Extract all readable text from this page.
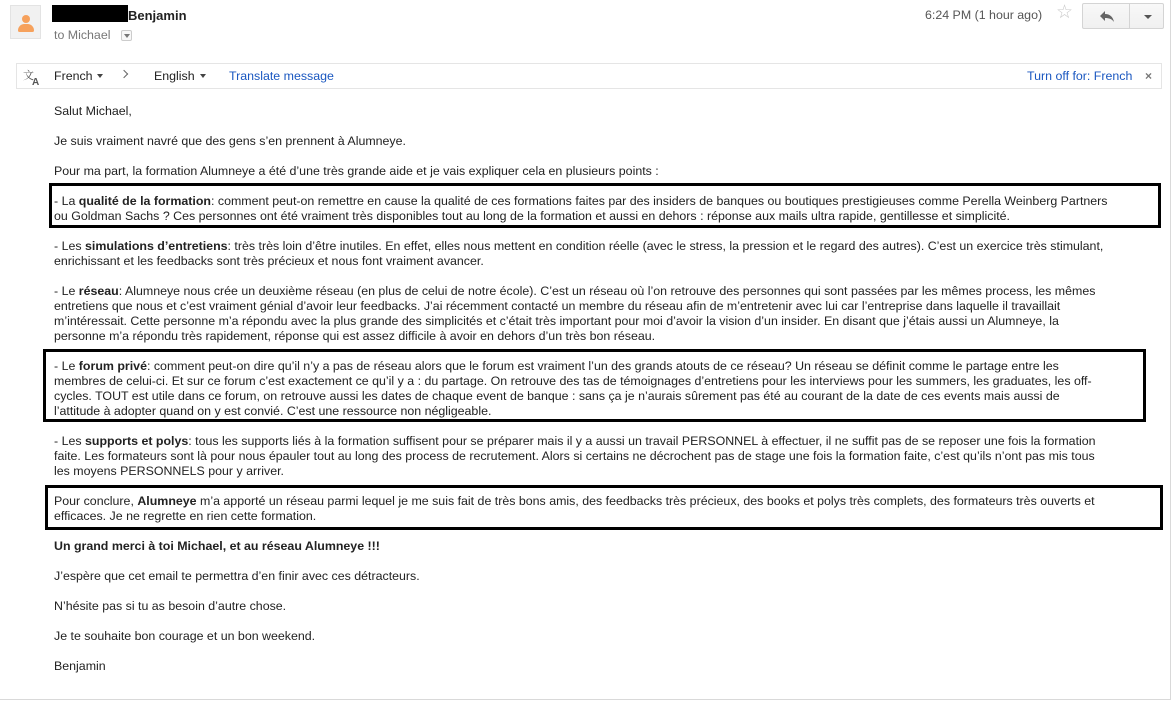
Benjamin
to Michael
6:24 PM (1 hour ago) ☆
文
A French	English	Translate message	Turn off for: French ×
Salut Michael,
Je suis vraiment navré que des gens s’en prennent à Alumneye.
Pour ma part, la formation Alumneye a été d’une très grande aide et je vais expliquer cela en plusieurs points :
- La qualité de la formation: comment peut-on remettre en cause la qualité de ces formations faites par des insiders de banques ou boutiques prestigieuses comme Perella Weinberg Partners
ou Goldman Sachs ? Ces personnes ont été vraiment très disponibles tout au long de la formation et aussi en dehors : réponse aux mails ultra rapide, gentillesse et simplicité.
- Les simulations d’entretiens: très très loin d’être inutiles. En effet, elles nous mettent en condition réelle (avec le stress, la pression et le regard des autres). C’est un exercice très stimulant,
enrichissant et les feedbacks sont très précieux et nous font vraiment avancer.
- Le réseau: Alumneye nous crée un deuxième réseau (en plus de celui de notre école). C’est un réseau où l’on retrouve des personnes qui sont passées par les mêmes process, les mêmes
entretiens que nous et c’est vraiment génial d’avoir leur feedbacks. J’ai récemment contacté un membre du réseau afin de m’entretenir avec lui car l’entreprise dans laquelle il travaillait
m’intéressait. Cette personne m’a répondu avec la plus grande des simplicités et c’était très important pour moi d’avoir la vision d’un insider. En disant que j’étais aussi un Alumneye, la
personne m’a répondu très rapidement, réponse qui est assez difficile à avoir en dehors d’un très bon réseau.
- Le forum privé: comment peut-on dire qu’il n’y a pas de réseau alors que le forum est vraiment l’un des grands atouts de ce réseau? Un réseau se définit comme le partage entre les
membres de celui-ci. Et sur ce forum c’est exactement ce qu’il y a : du partage. On retrouve des tas de témoignages d’entretiens pour les interviews pour les summers, les graduates, les off-
cycles. TOUT est utile dans ce forum, on retrouve aussi les dates de chaque event de banque : sans ça je n’aurais sûrement pas été au courant de la date de ces events mais aussi de
l’attitude à adopter quand on y est convié. C’est une ressource non négligeable.
- Les supports et polys: tous les supports liés à la formation suffisent pour se préparer mais il y a aussi un travail PERSONNEL à effectuer, il ne suffit pas de se reposer une fois la formation
faite. Les formateurs sont là pour nous épauler tout au long des process de recrutement. Alors si certains ne décrochent pas de stage une fois la formation faite, c’est qu’ils n’ont pas mis tous
les moyens PERSONNELS pour y arriver.
Pour conclure, Alumneye m’a apporté un réseau parmi lequel je me suis fait de très bons amis, des feedbacks très précieux, des books et polys très complets, des formateurs très ouverts et
efficaces. Je ne regrette en rien cette formation.
Un grand merci à toi Michael, et au réseau Alumneye !!!
J’espère que cet email te permettra d’en finir avec ces détracteurs.
N’hésite pas si tu as besoin d’autre chose.
Je te souhaite bon courage et un bon weekend.
Benjamin
